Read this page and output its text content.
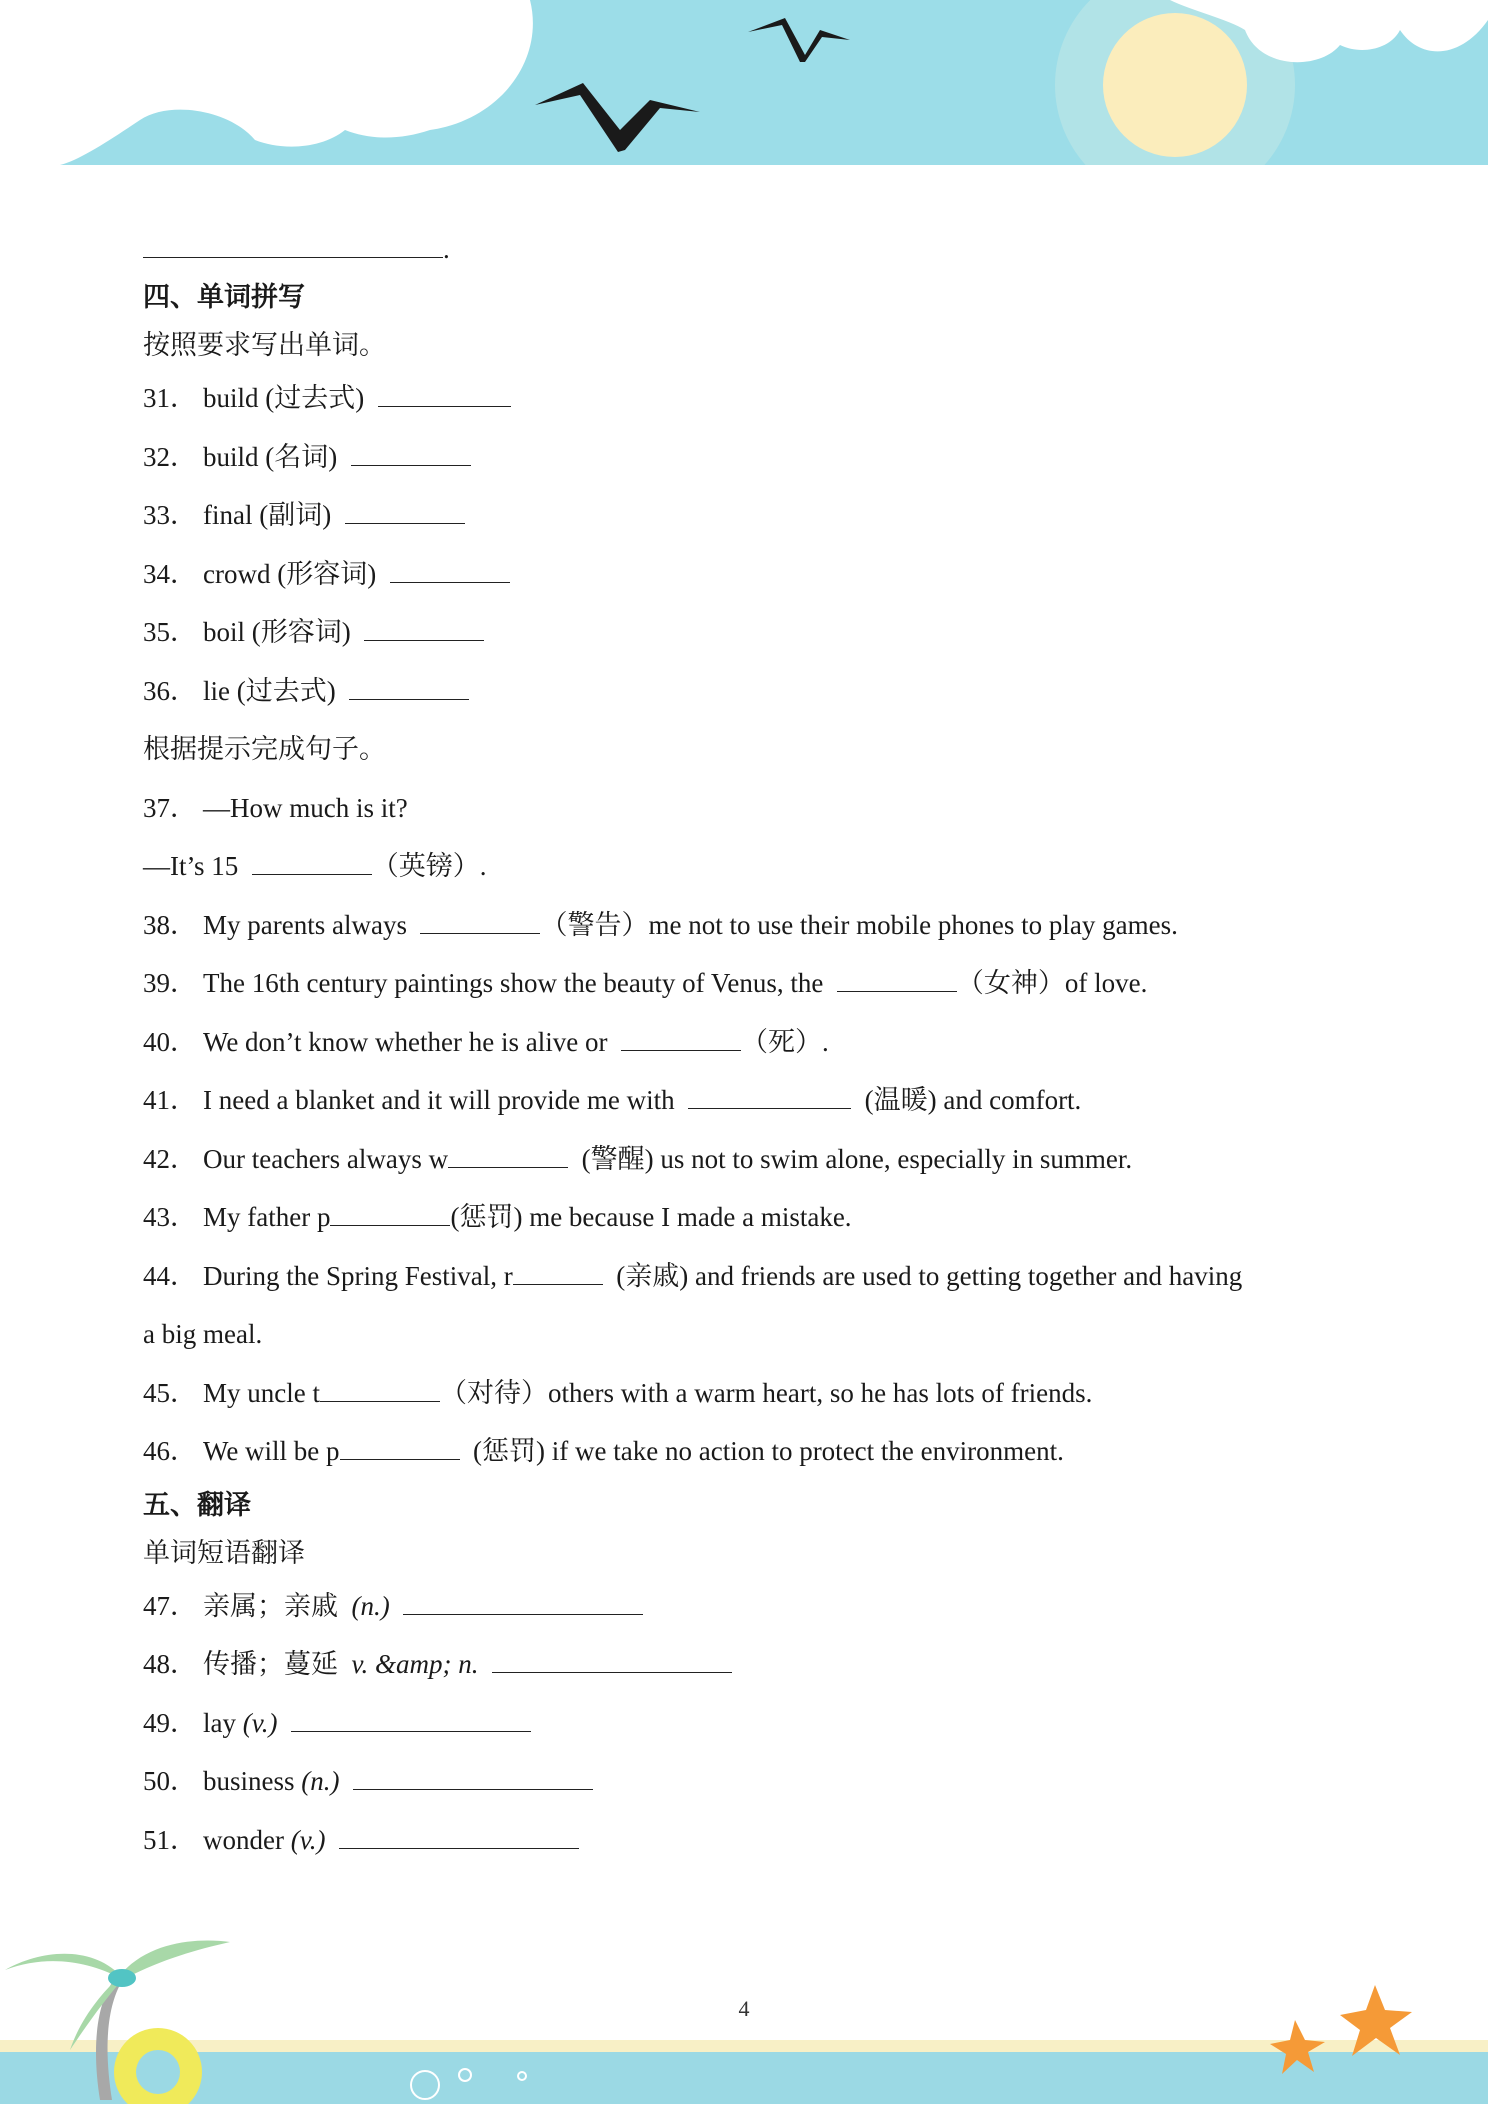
.
四、单词拼写
按照要求写出单词。
31． build (过去式)
32． build (名词)
33． final (副词)
34． crowd (形容词)
35． boil (形容词)
36． lie (过去式)
根据提示完成句子。
37． —How much is it?
—It’s 15	（英镑）.
38． My parents always	（警告）me not to use their mobile phones to play games.
39． The 16th century paintings show the beauty of Venus, the	（女神）of love.
40． We don’t know whether he is alive or	（死）.
41． I need a blanket and it will provide me with	(温暖) and comfort.
42． Our teachers always w	(警醒) us not to swim alone, especially in summer.
43． My father p	(惩罚) me because I made a mistake.
44． During the Spring Festival, r	(亲戚) and friends are used to getting together and having
a big meal.
45． My uncle t	（对待）others with a warm heart, so he has lots of friends.
46． We will be p	(惩罚) if we take no action to protect the environment.
五、翻译
单词短语翻译
47． 亲属；亲戚 (n.)
48． 传播；蔓延 v. &amp; n.
49． lay (v.)
50． business (n.)
51． wonder (v.)
4
